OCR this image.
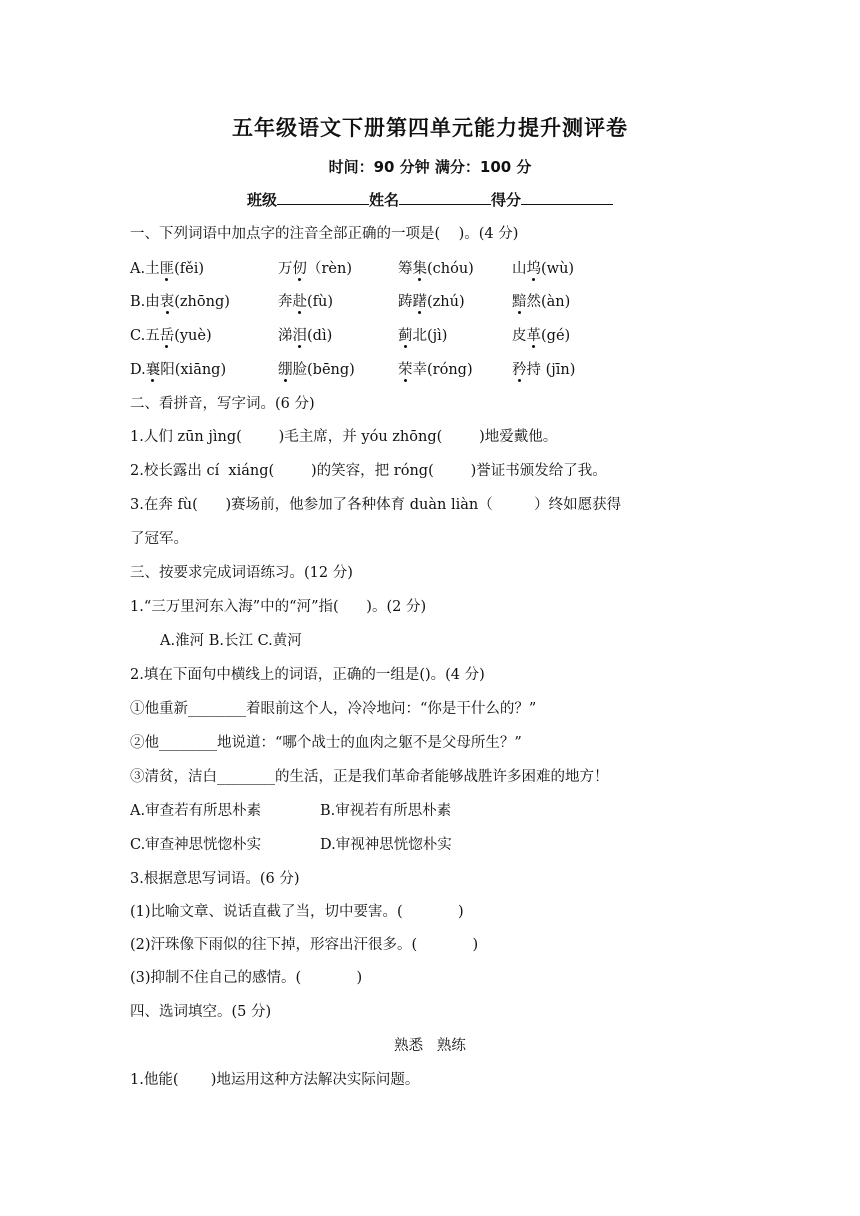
五年级语文下册第四单元能力提升测评卷
时间：90 分钟 满分：100 分
班级	姓名	得分
一、下列词语中加点字的注音全部正确的一项是(    )。(4 分)
A.土匪(fěi)	万仞（rèn)	筹集(chóu)	山坞(wù)
B.由衷(zhōng)	奔赴(fù)	踌躇(zhú)	黯然(àn)
C.五岳(yuè)	涕泪(dì)	蓟北(jì)	皮革(gé)
D.襄阳(xiāng)	绷脸(bēng)	荣幸(róng)	矜持 (jīn)
二、看拼音，写字词。(6 分)
1.人们 zūn jìng(        )毛主席，并 yóu zhōng(        )地爱戴他。
2.校长露出 cí  xiáng(        )的笑容，把 róng(        )誉证书颁发给了我。
3.在奔 fù(      )赛场前，他参加了各种体育 duàn liàn（         ）终如愿获得
了冠军。
三、按要求完成词语练习。(12 分)
1.“三万里河东入海”中的“河”指(      )。(2 分)
A.淮河 B.长江 C.黄河
2.填在下面句中横线上的词语，正确的一组是()。(4 分)
①他重新________着眼前这个人，冷冷地问：“你是干什么的？”
②他________地说道：“哪个战士的血肉之躯不是父母所生？”
③清贫，洁白________的生活，正是我们革命者能够战胜许多困难的地方！
A.审查若有所思朴素	B.审视若有所思朴素
C.审查神思恍惚朴实	D.审视神思恍惚朴实
3.根据意思写词语。(6 分)
(1)比喻文章、说话直截了当，切中要害。(            )
(2)汗珠像下雨似的往下掉，形容出汗很多。(            )
(3)抑制不住自己的感情。(            )
四、选词填空。(5 分)
熟悉   熟练
1.他能(       )地运用这种方法解决实际问题。
